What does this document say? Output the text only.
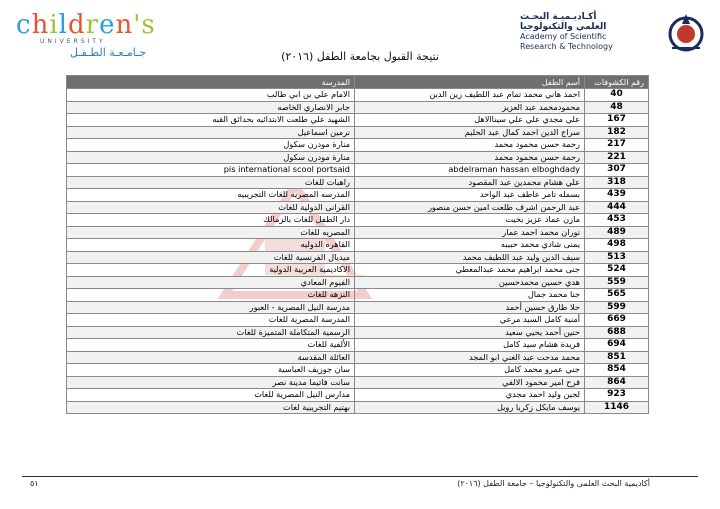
children's
UNIVERSITY
جـامـعـة الطـفـل
أكـاديـميـة البحـث
العلمي والتكنولوجيا
Academy of Scientific
Research & Technology
نتيجة القبول بجامعة الطفل (٢٠١٦)
رقم الكشوفات	أسم الطفل	المدرسة
40	احمد هاني محمد تمام عبد اللطيف زين الدين	الامام علي بن ابي طالب
48	محمودمحمد عبد العزيز	جابر الانصاري الخاصه
167	علي مجدي علي علي سيناالاهل	الشهيد علي طلعت الابتدائيه بحدائق القبه
182	سراج الدين احمد كمال عبد الحليم	نرمين اسماعيل
217	رحمة حسن محمود محمد	منارة مودرن سكول
221	رحمة حسن محمود محمد	منارة مودرن سكول
307	abdelraman hassan elboghdady	pis international scool portsaid
318	علي هشام محمدين عبد المقصود	راهبات للغات
439	بسمله تامر عاطف عبد الواحد	المدرسه المصريه للغات التجريبيه
444	عبد الرحمن اشرف طلعت امين حسن منصور	القرانى الدولية للغات
453	مازن عماد عزيز بخيت	دار الطفل للغات بالزمالك
489	نوران محمد احمد عمار	المصريه للغات
498	يمنى شادي محمد حبيبه	القاهره الدوليه
513	سيف الدين وليد عبد اللطيف محمد	ميديال الفرنسية للغات
524	جنى محمد ابراهيم محمد عبدالمعطي	الاكاديمية العربية الدولية
559	هدي حسين محمدحسين	الفيوم المعادي
565	جنا محمد جمال	النزهه للغات
599	حلا طارق حسين أحمد	مدرسة النيل المصرية - العبور
669	أمنية كامل السيد مرعي	المدرسة المصرية للغات
688	حنين أحمد يحيي سعيد	الرسمية المتكاملة المتميزة للغات
694	فريدة هشام سيد كامل	الألفية للغات
851	محمد مدحت عبد الغني ابو المجد	العائلة المقدسة
854	جني عمرو محمد كامل	سان جوزيف العباسية
864	فرح امير محمود الالفي	سانت فاتيما مدينة نصر
923	لجين وليد احمد مجدي	مدارس النيل المصرية للغات
1146	يوسف مايكل زكريا رويل	بهتيم التجريبية لغات
أكاديمية البحث العلمى والتكنولوجيا – جامعة الطفل (٢٠١٦)
٥١
